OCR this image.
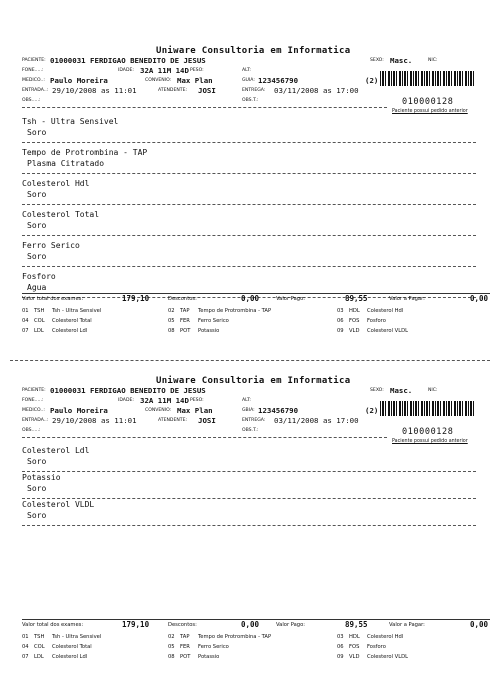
Uniware Consultoria em Informatica
PACIENTE: 01000031 FERDIGAO BENEDITO DE JESUS	SEXO: Masc.	NIC:
FONE.....:	IDADE: 32A 11M 14D PESO:	ALT:
MEDICO..: Paulo Moreira	CONVENIO: Max Plan	GUIA: 123456790	(2)
ENTRADA..: 29/10/2008 as 11:01	ATENDENTE: JOSI	ENTREGA: 03/11/2008 as 17:00
OBS.....:	OBS.T.:	010000128
Paciente possui pedido anterior
Tsh - Ultra Sensivel
Soro
Tempo de Protrombina - TAP
Plasma Citratado
Colesterol Hdl
Soro
Colesterol Total
Soro
Ferro Serico
Soro
Fosforo
Agua
Valor total dos exames:	179,10	Descontos:	0,00	Valor Pago:	89,55	Valor a Pagar:	0,00
01 TSH Tsh - Ultra Sensivel	02 TAP Tempo de Protrombina - TAP	03 HDL Colesterol Hdl
04 COL Colesterol Total	05 FER Ferro Serico	06 FOS Fosforo
07 LDL Colesterol Ldl	08 POT Potassio	09 VLD Colesterol VLDL
Uniware Consultoria em Informatica
PACIENTE: 01000031 FERDIGAO BENEDITO DE JESUS	SEXO: Masc.	NIC:
FONE.....:	IDADE: 32A 11M 14D PESO:	ALT:
MEDICO..: Paulo Moreira	CONVENIO: Max Plan	GBIA: 123456790	(2)
ENTRADA..: 29/10/2008 as 11:01	ATENDENTE: JOSI	ENTREGA: 03/11/2008 as 17:00
OBS.....:	OBS.T.:	010000128
Paciente possui pedido anterior
Colesterol Ldl
Soro
Potassio
Soro
Colesterol VLDL
Soro
Valor total dos exames:	179,10	Descontos:	0,00	Valor Pago:	89,55	Valor a Pagar:	0,00
01 TSH Tsh - Ultra Sensivel	02 TAP Tempo de Protrombina - TAP	03 HDL Colesterol Hdl
04 COL Colesterol Total	05 FER Ferro Serico	06 FOS Fosforo
07 LDL Colesterol Ldl	08 POT Potassio	09 VLD Colesterol VLDL
